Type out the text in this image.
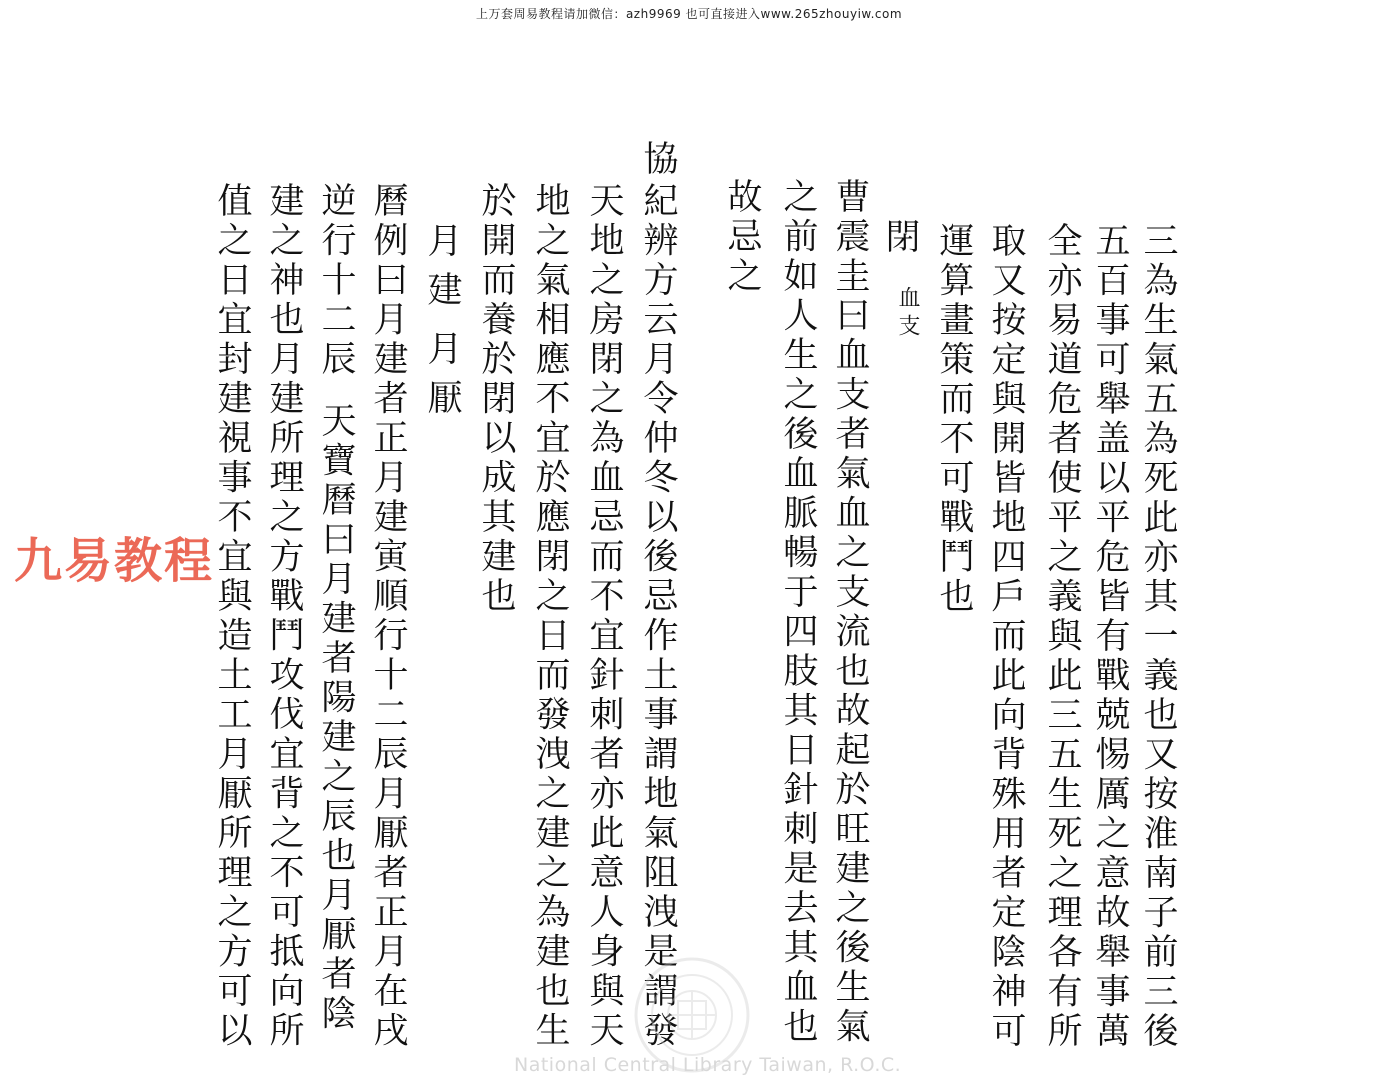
上万套周易教程请加微信：azh9969 也可直接进入www.265zhouyiw.com
三為生氣五為死此亦其一義也又按淮南子前三後
五百事可舉盖以平危皆有戰兢惕厲之意故舉事萬
全亦易道危者使平之義與此三五生死之理各有所
取又按定與開皆地四戶而此向背殊用者定陰神可
運算畫策而不可戰鬥也
閉
血支
曹震圭曰血支者氣血之支流也故起於旺建之後生氣
之前如人生之後血脈暢于四肢其日針刺是去其血也
故忌之
協
紀辨方云月令仲冬以後忌作土事謂地氣阻洩是謂發
天地之房閉之為血忌而不宜針刺者亦此意人身與天
地之氣相應不宜於應閉之日而發洩之建之為建也生
於開而養於閉以成其建也
月建
月厭
曆例曰月建者正月建寅順行十二辰月厭者正月在戌
逆行十二辰
天寶曆曰月建者陽建之辰也月厭者陰
建之神也月建所理之方戰鬥攻伐宜背之不可抵向所
值之日宜封建視事不宜與造土工月厭所理之方可以
九易教程
National Central Library Taiwan, R.O.C.
